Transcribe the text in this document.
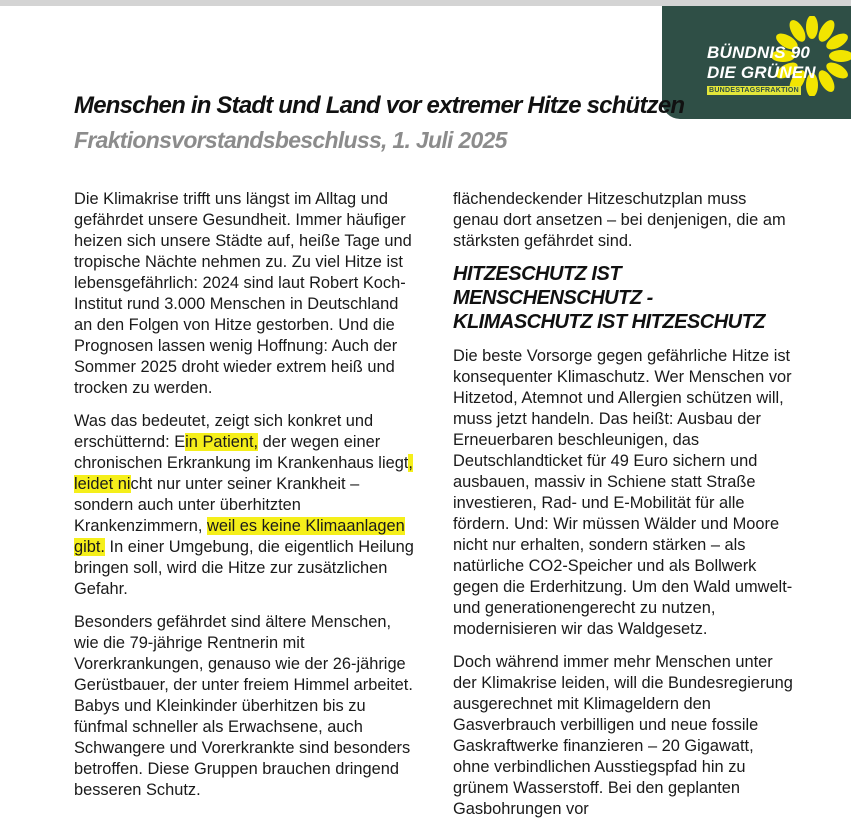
BÜNDNIS 90
DIE GRÜNEN
BUNDESTAGSFRAKTION
Menschen in Stadt und Land vor extremer Hitze schützen
Fraktionsvorstandsbeschluss, 1. Juli 2025

Die Klimakrise trifft uns längst im Alltag und gefährdet unsere Gesundheit. Immer häufiger heizen sich unsere Städte auf, heiße Tage und tropische Nächte nehmen zu. Zu viel Hitze ist lebensgefährlich: 2024 sind laut Robert Koch-Institut rund 3.000 Menschen in Deutschland an den Folgen von Hitze gestorben. Und die Prognosen lassen wenig Hoffnung: Auch der Sommer 2025 droht wieder extrem heiß und trocken zu werden.

Was das bedeutet, zeigt sich konkret und erschütternd: Ein Patient, der wegen einer chronischen Erkrankung im Krankenhaus liegt, leidet nicht nur unter seiner Krankheit – sondern auch unter überhitzten Krankenzimmern, weil es keine Klimaanlagen gibt. In einer Umgebung, die eigentlich Heilung bringen soll, wird die Hitze zur zusätzlichen Gefahr.

Besonders gefährdet sind ältere Menschen, wie die 79-jährige Rentnerin mit Vorerkrankungen, genauso wie der 26-jährige Gerüstbauer, der unter freiem Himmel arbeitet. Babys und Kleinkinder überhitzen bis zu fünfmal schneller als Erwachsene, auch Schwangere und Vorerkrankte sind besonders betroffen. Diese Gruppen brauchen dringend besseren Schutz.

flächendeckender Hitzeschutzplan muss genau dort ansetzen – bei denjenigen, die am stärksten gefährdet sind.

HITZESCHUTZ IST MENSCHENSCHUTZ -
KLIMASCHUTZ IST HITZESCHUTZ

Die beste Vorsorge gegen gefährliche Hitze ist konsequenter Klimaschutz. Wer Menschen vor Hitzetod, Atemnot und Allergien schützen will, muss jetzt handeln. Das heißt: Ausbau der Erneuerbaren beschleunigen, das Deutschlandticket für 49 Euro sichern und ausbauen, massiv in Schiene statt Straße investieren, Rad- und E-Mobilität für alle fördern. Und: Wir müssen Wälder und Moore nicht nur erhalten, sondern stärken – als natürliche CO2-Speicher und als Bollwerk gegen die Erderhitzung. Um den Wald umwelt- und generationengerecht zu nutzen, modernisieren wir das Waldgesetz.

Doch während immer mehr Menschen unter der Klimakrise leiden, will die Bundesregierung ausgerechnet mit Klimageldern den Gasverbrauch verbilligen und neue fossile Gaskraftwerke finanzieren – 20 Gigawatt, ohne verbindlichen Ausstiegspfad hin zu grünem Wasserstoff. Bei den geplanten Gasbohrungen vor
